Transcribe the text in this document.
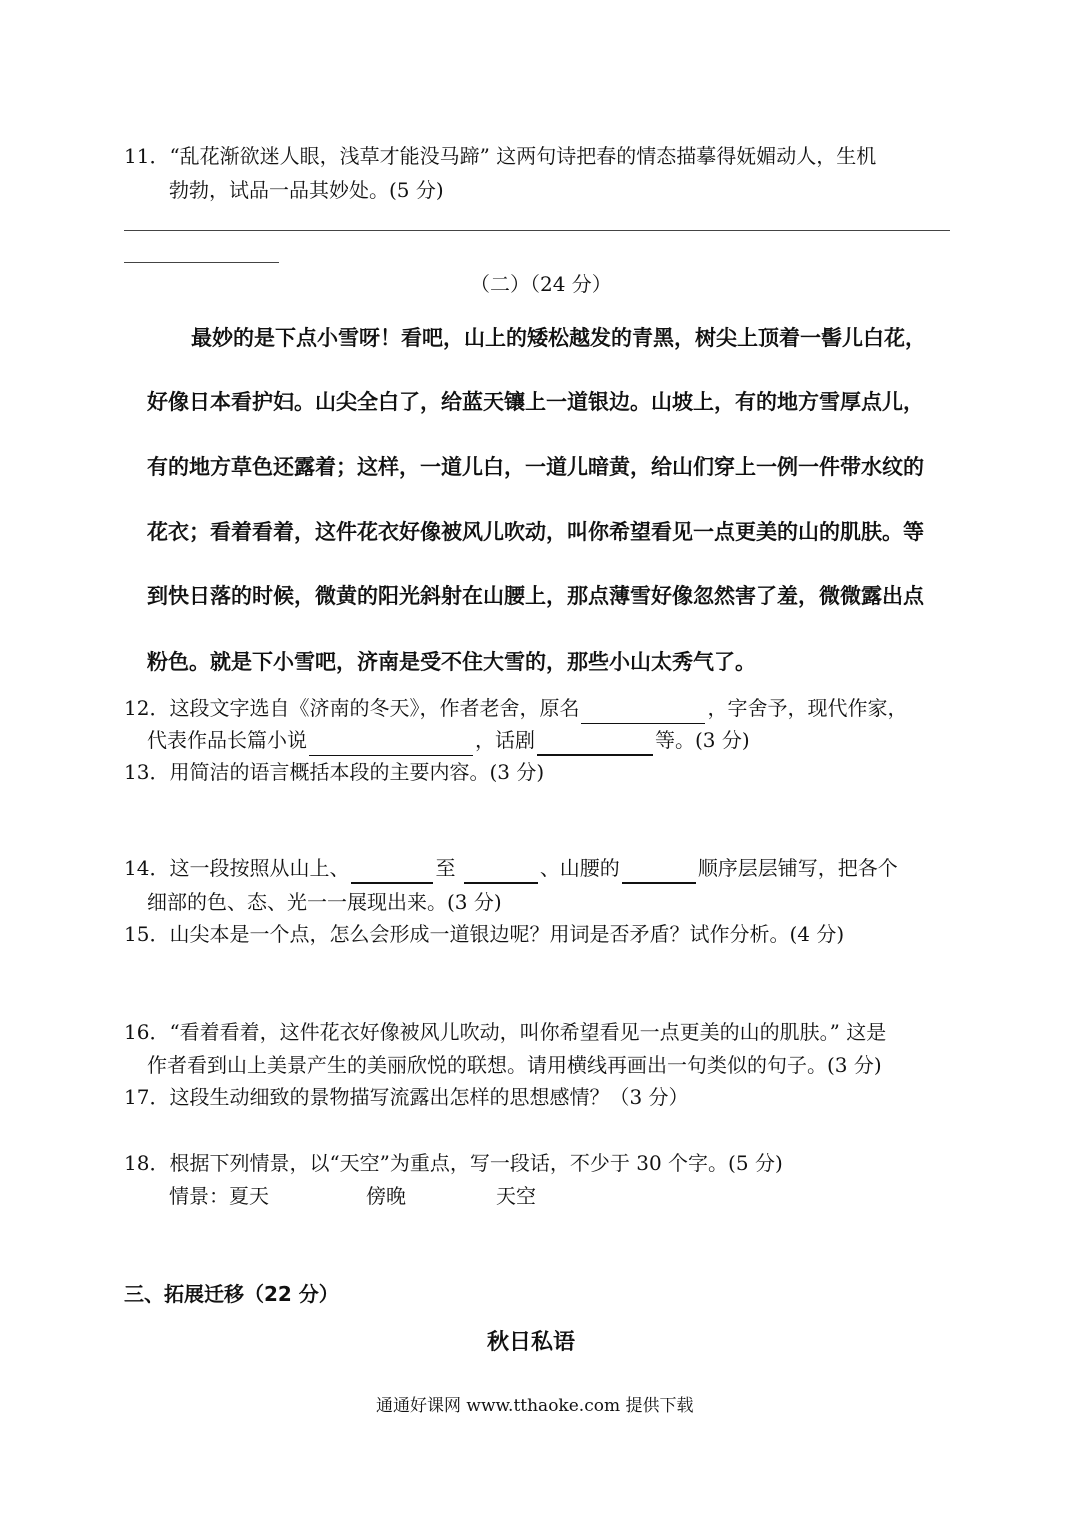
11．“乱花渐欲迷人眼，浅草才能没马蹄” 这两句诗把春的情态描摹得妩媚动人，生机
勃勃，试品一品其妙处。(5 分)
（二）（24 分）
最妙的是下点小雪呀！看吧，山上的矮松越发的青黑，树尖上顶着一髻儿白花，
好像日本看护妇。山尖全白了，给蓝天镶上一道银边。山坡上，有的地方雪厚点儿，
有的地方草色还露着；这样，一道儿白，一道儿暗黄，给山们穿上一例一件带水纹的
花衣；看着看着，这件花衣好像被风儿吹动，叫你希望看见一点更美的山的肌肤。等
到快日落的时候，微黄的阳光斜射在山腰上，那点薄雪好像忽然害了羞，微微露出点
粉色。就是下小雪吧，济南是受不住大雪的，那些小山太秀气了。
12．这段文字选自《济南的冬天》，作者老舍，原名	，字舍予，现代作家，
代表作品长篇小说	，话剧	等。(3 分)
13．用简洁的语言概括本段的主要内容。(3 分)
14．这一段按照从山上、	至	、山腰的	顺序层层铺写，把各个
细部的色、态、光一一展现出来。(3 分)
15．山尖本是一个点，怎么会形成一道银边呢？用词是否矛盾？试作分析。(4 分)
16．“看着看着，这件花衣好像被风儿吹动，叫你希望看见一点更美的山的肌肤。” 这是
作者看到山上美景产生的美丽欣悦的联想。请用横线再画出一句类似的句子。(3 分)
17．这段生动细致的景物描写流露出怎样的思想感情？（3 分）
18．根据下列情景，以“天空”为重点，写一段话，不少于 30 个字。(5 分)
情景：夏天	傍晚	天空
三、拓展迁移（22 分）
秋日私语
通通好课网 www.tthaoke.com 提供下载
